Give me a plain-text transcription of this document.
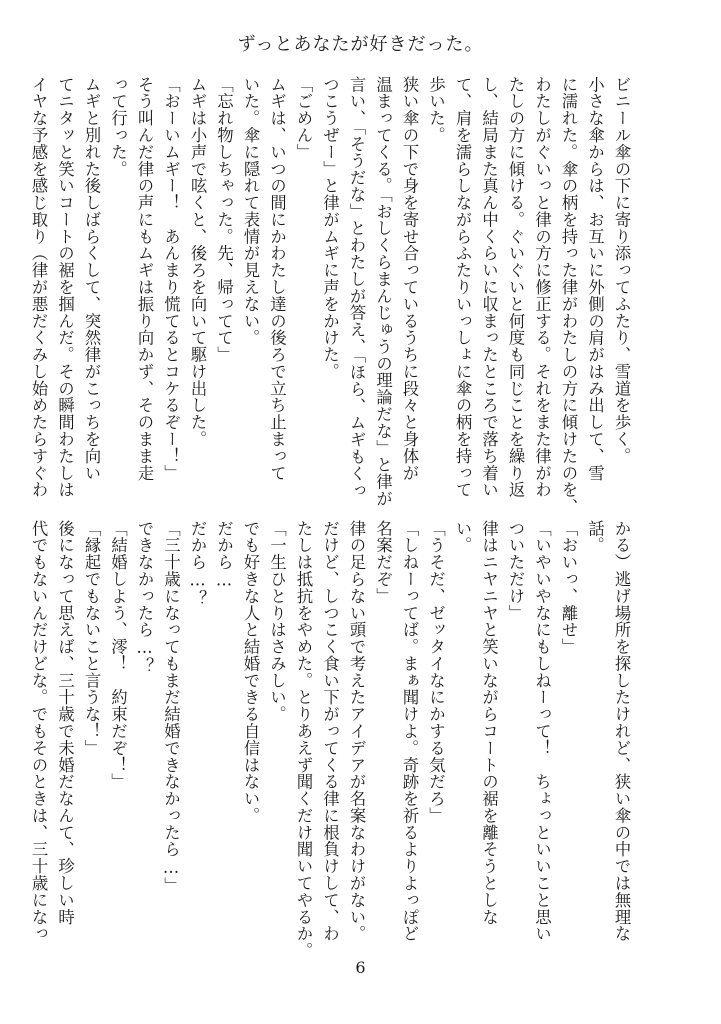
ずっとあなたが好きだった。
ビニール傘の下に寄り添ってふたり、雪道を歩く。
小さな傘からは、お互いに外側の肩がはみ出して、雪
に濡れた。傘の柄を持った律がわたしの方に傾けたのを、
わたしがぐいっと律の方に修正する。それをまた律がわ
たしの方に傾ける。ぐいぐいと何度も同じことを繰り返
し、結局また真ん中くらいに収まったところで落ち着い
て、肩を濡らしながらふたりいっしょに傘の柄を持って
歩いた。
狭い傘の下で身を寄せ合っているうちに段々と身体が
温まってくる。「おしくらまんじゅうの理論だな」と律が
言い、「そうだな」とわたしが答え、「ほら、ムギもくっ
つこうぜー」と律がムギに声をかけた。
「ごめん」
ムギは、いつの間にかわたし達の後ろで立ち止まって
いた。傘に隠れて表情が見えない。
「忘れ物しちゃった。先、帰ってて」
ムギは小声で呟くと、後ろを向いて駆け出した。
「おーいムギー！　あんまり慌てるとコケるぞー！」
そう叫んだ律の声にもムギは振り向かず、そのまま走
って行った。
ムギと別れた後しばらくして、突然律がこっちを向い
てニタッと笑いコートの裾を掴んだ。その瞬間わたしは
イヤな予感を感じ取り（律が悪だくみし始めたらすぐわ
かる）逃げ場所を探したけれど、狭い傘の中では無理な
話。
「おいっ、離せ」
「いやいやなにもしねーって！　ちょっといいこと思い
ついただけ」
律はニヤニヤと笑いながらコートの裾を離そうとしな
い。
「うそだ、ゼッタイなにかする気だろ」
「しねーってば。まぁ聞けよ。奇跡を祈るよりよっぽど
名案だぞ」
律の足らない頭で考えたアイデアが名案なわけがない。
だけど、しつこく食い下がってくる律に根負けして、わ
たしは抵抗をやめた。とりあえず聞くだけ聞いてやるか。
「一生ひとりはさみしい。
でも好きな人と結婚できる自信はない。
だから…
だから…？
「三十歳になってもまだ結婚できなかったら…」
できなかったら…？
「結婚しよう、澪！　約束だぞ！」
「縁起でもないこと言うな！」
後になって思えば、三十歳で未婚だなんて、珍しい時
代でもないんだけどな。でもそのときは、三十歳になっ
6
